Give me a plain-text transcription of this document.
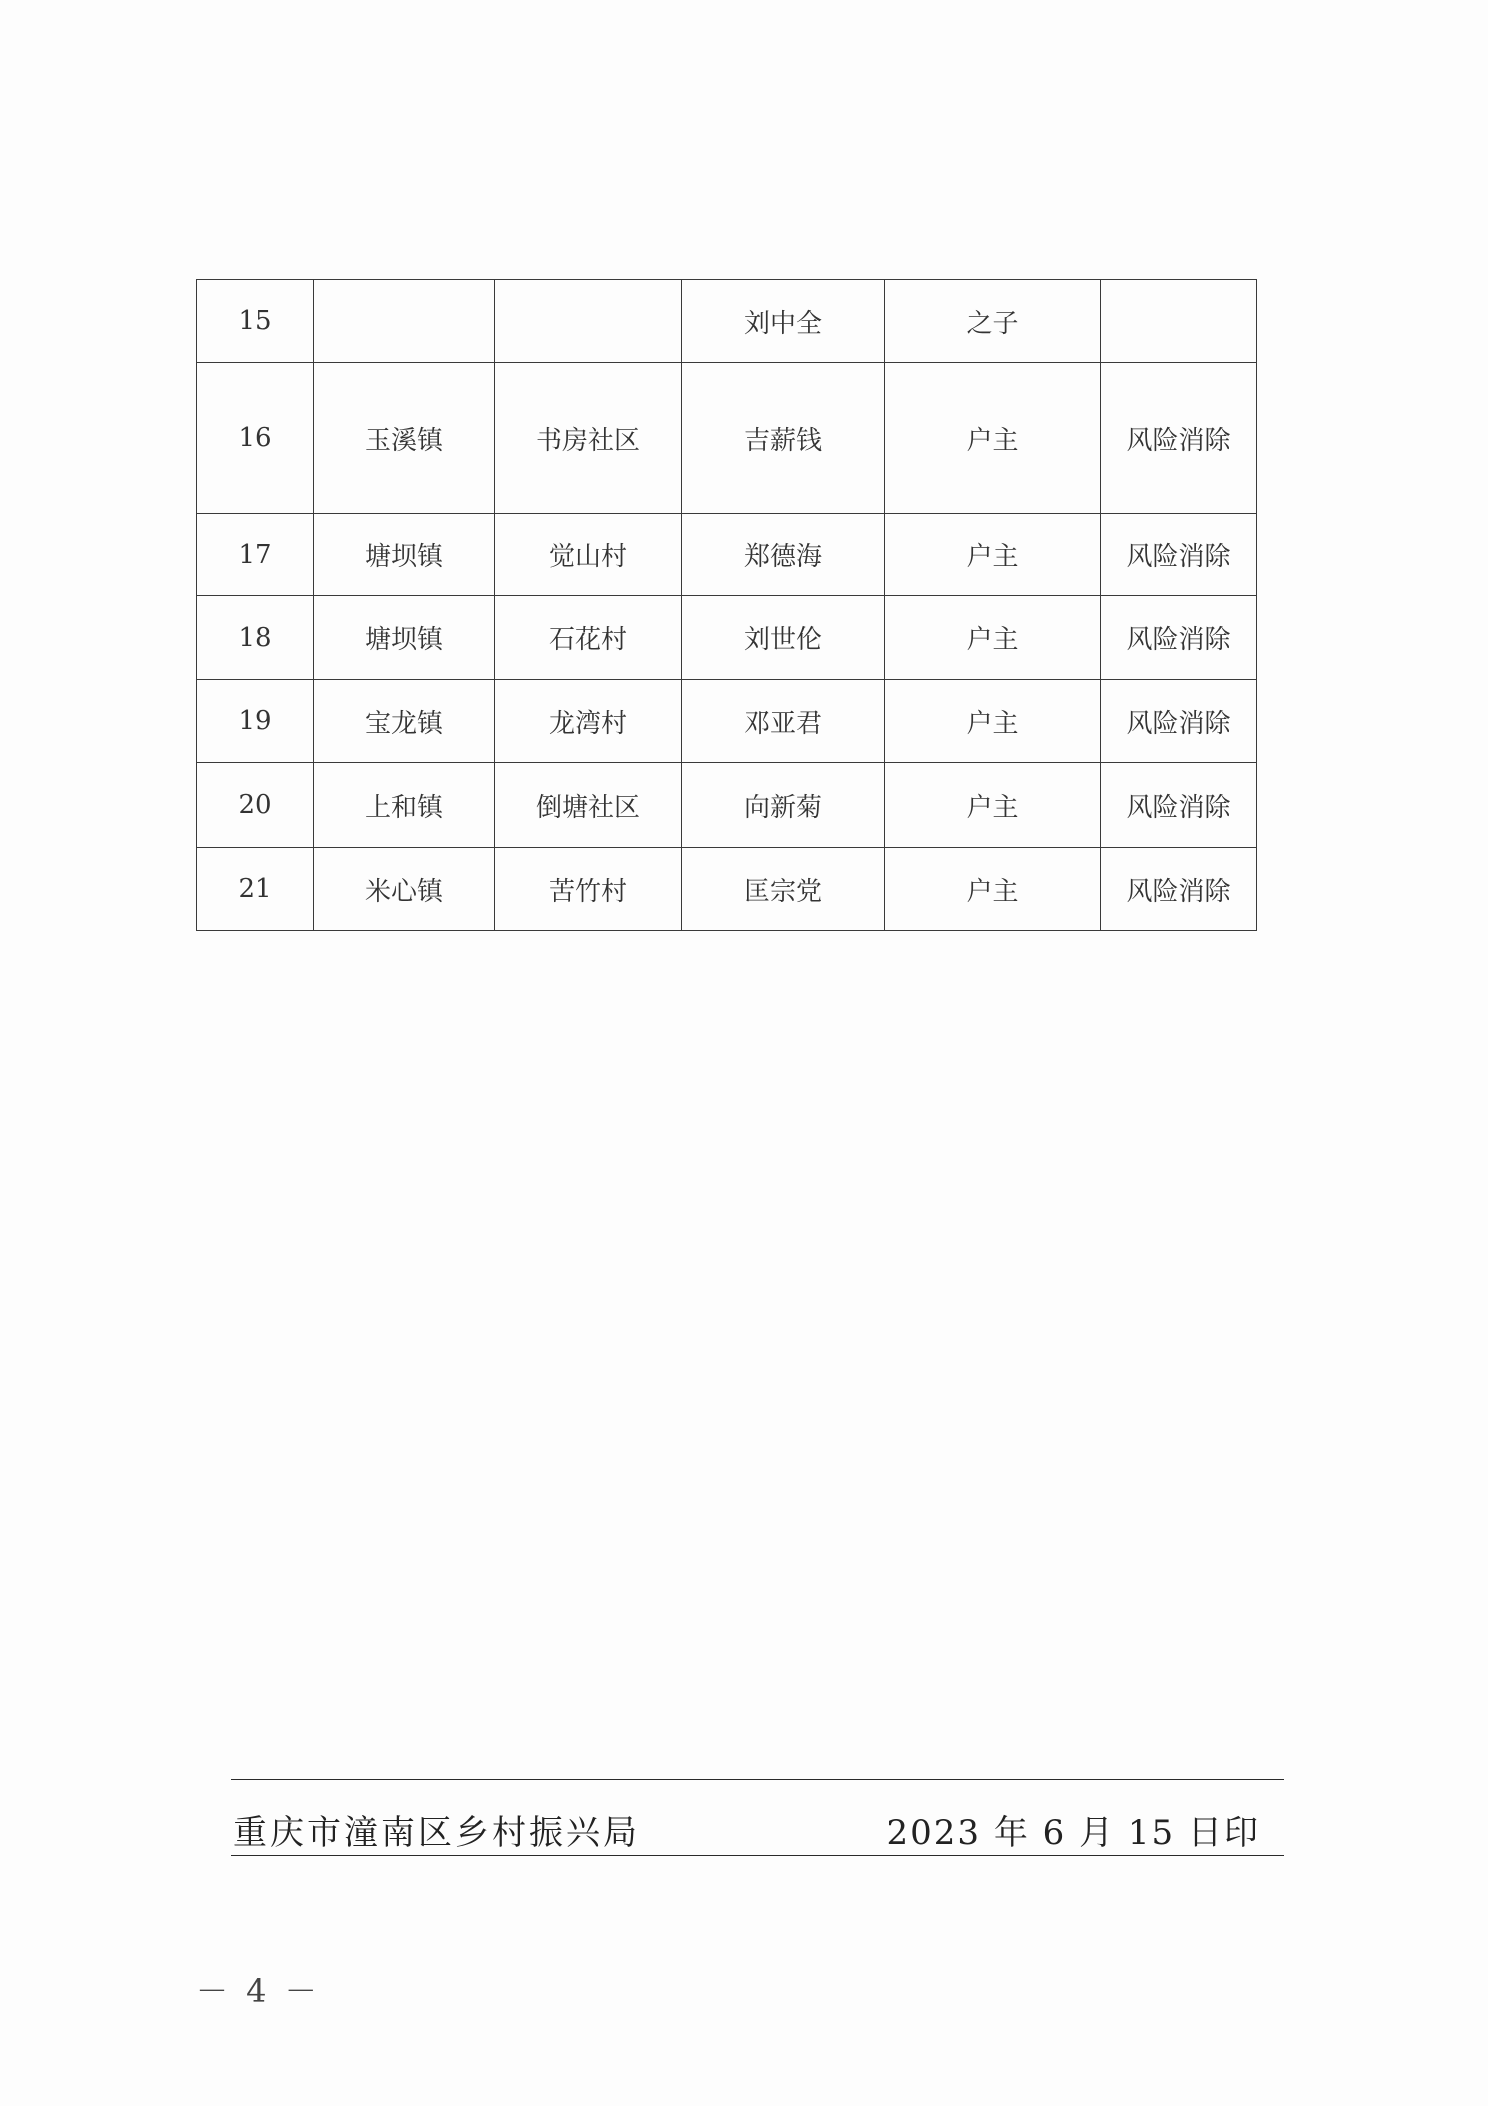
15			刘中全	之子	
16	玉溪镇	书房社区	吉薪钱	户主	风险消除
17	塘坝镇	觉山村	郑德海	户主	风险消除
18	塘坝镇	石花村	刘世伦	户主	风险消除
19	宝龙镇	龙湾村	邓亚君	户主	风险消除
20	上和镇	倒塘社区	向新菊	户主	风险消除
21	米心镇	苦竹村	匡宗党	户主	风险消除
重庆市潼南区乡村振兴局	2023 年 6 月 15 日印
－ 4 －
